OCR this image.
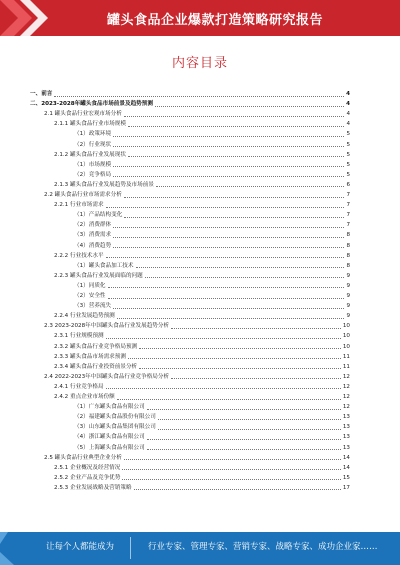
罐头食品企业爆款打造策略研究报告
内容目录
一、前言	4
二、2023-2028年罐头食品市场前景及趋势预测	4
2.1 罐头食品行业宏观市场分析	4
2.1.1 罐头食品行业市场规模	4
（1）政策环境	5
（2）行业现状	5
2.1.2 罐头食品行业发展现状	5
（1）市场规模	5
（2）竞争格局	5
2.1.3 罐头食品行业发展趋势及市场前景	6
2.2 罐头食品行业市场需求分析	7
2.2.1 行业市场需求	7
（1）产品结构变化	7
（2）消费群体	7
（3）消费需求	8
（4）消费趋势	8
2.2.2 行业技术水平	8
（1）罐头食品加工技术	8
2.2.3 罐头食品行业发展面临的问题	9
（1）同质化	9
（2）安全性	9
（3）营养流失	9
2.2.4 行业发展趋势预测	9
2.3 2023-2028年中国罐头食品行业发展趋势分析	10
2.3.1 行业规模预测	10
2.3.2 罐头食品行业竞争格局预测	10
2.3.3 罐头食品市场需求预测	11
2.3.4 罐头食品行业投资前景分析	11
2.4 2022-2023年中国罐头食品行业竞争格局分析	12
2.4.1 行业竞争格局	12
2.4.2 重点企业市场份额	12
（1）广东罐头食品有限公司	12
（2）福建罐头食品股份有限公司	13
（3）山东罐头食品集团有限公司	13
（4）浙江罐头食品有限公司	13
（5）上海罐头食品有限公司	13
2.5 罐头食品行业典型企业分析	14
2.5.1 企业概况及经营情况	14
2.5.2 企业产品及竞争优势	15
2.5.3 企业发展战略及营销策略	17
让每个人都能成为	行业专家、管理专家、营销专家、战略专家、成功企业家……
